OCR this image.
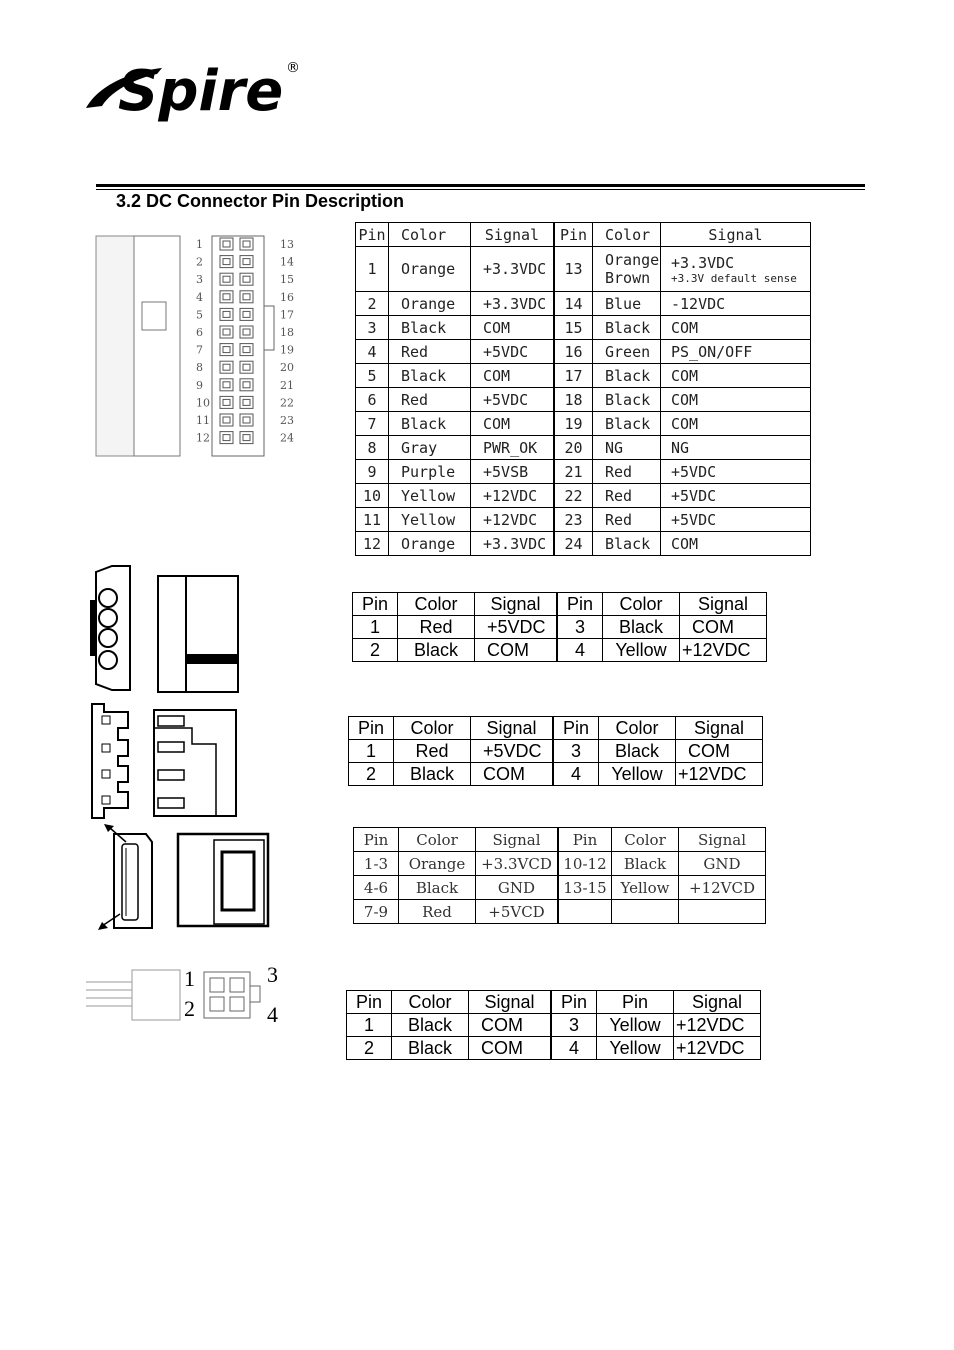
Spire ®
3.2 DC Connector Pin Description
1	13
2	14
3	15
4	16
5	17
6	18
7	19
8	20
9	21
10	22
11	23
12	24
Pin	Color	Signal	Pin	Color	Signal
1	Orange	+3.3VDC	13	Orange Brown	+3.3VDC
+3.3V default sense

2	Orange	+3.3VDC	14	Blue	-12VDC
3	Black	COM	15	Black	COM
4	Red	+5VDC	16	Green	PS_ON/OFF
5	Black	COM	17	Black	COM
6	Red	+5VDC	18	Black	COM
7	Black	COM	19	Black	COM
8	Gray	PWR_OK	20	NG	NG
9	Purple	+5VSB	21	Red	+5VDC
10	Yellow	+12VDC	22	Red	+5VDC
11	Yellow	+12VDC	23	Red	+5VDC
12	Orange	+3.3VDC	24	Black	COM
Pin	Color	Signal	Pin	Color	Signal
1	Red	+5VDC	3	Black	COM
2	Black	COM	4	Yellow	+12VDC
Pin	Color	Signal	Pin	Color	Signal
1	Red	+5VDC	3	Black	COM
2	Black	COM	4	Yellow	+12VDC
Pin	Color	Signal	Pin	Color	Signal
1-3	Orange	+3.3VCD	10-12	Black	GND
4-6	Black	GND	13-15	Yellow	+12VCD
7-9	Red	+5VCD			
1
2
3
4
Pin	Color	Signal	Pin	Pin	Signal
1	Black	COM	3	Yellow	+12VDC
2	Black	COM	4	Yellow	+12VDC
